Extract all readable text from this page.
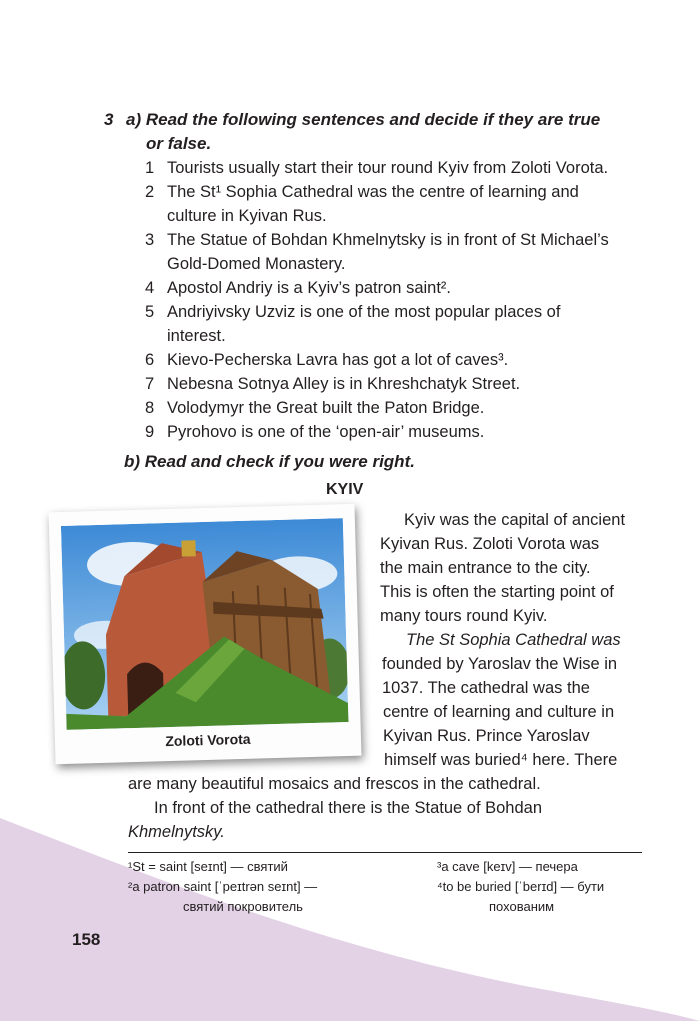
3 a) Read the following sentences and decide if they are true
or false.
1 Tourists usually start their tour round Kyiv from Zoloti Vorota.
2 The St¹ Sophia Cathedral was the centre of learning and
culture in Kyivan Rus.
3 The Statue of Bohdan Khmelnytsky is in front of St Michael’s
Gold-Domed Monastery.
4 Apostol Andriy is a Kyiv’s patron saint².
5 Andriyivsky Uzviz is one of the most popular places of
interest.
6 Kievo-Pecherska Lavra has got a lot of caves³.
7 Nebesna Sotnya Alley is in Khreshchatyk Street.
8 Volodymyr the Great built the Paton Bridge.
9 Pyrohovo is one of the ‘open-air’ museums.
b) Read and check if you were right.
KYIV
Zoloti Vorota
Kyiv was the capital of ancient
Kyivan Rus. Zoloti Vorota was
the main entrance to the city.
This is often the starting point of
many tours round Kyiv.
The St Sophia Cathedral was
founded by Yaroslav the Wise in
1037. The cathedral was the
centre of learning and culture in
Kyivan Rus. Prince Yaroslav
himself was buried⁴ here. There
are many beautiful mosaics and frescos in the cathedral.
In front of the cathedral there is the Statue of Bohdan
Khmelnytsky.
¹St = saint [seɪnt] — святий
²a patron saint [ˈpeɪtrən seɪnt] —
святий покровитель
³a cave [keɪv] — печера
⁴to be buried [ˈberɪd] — бути
похованим
158
